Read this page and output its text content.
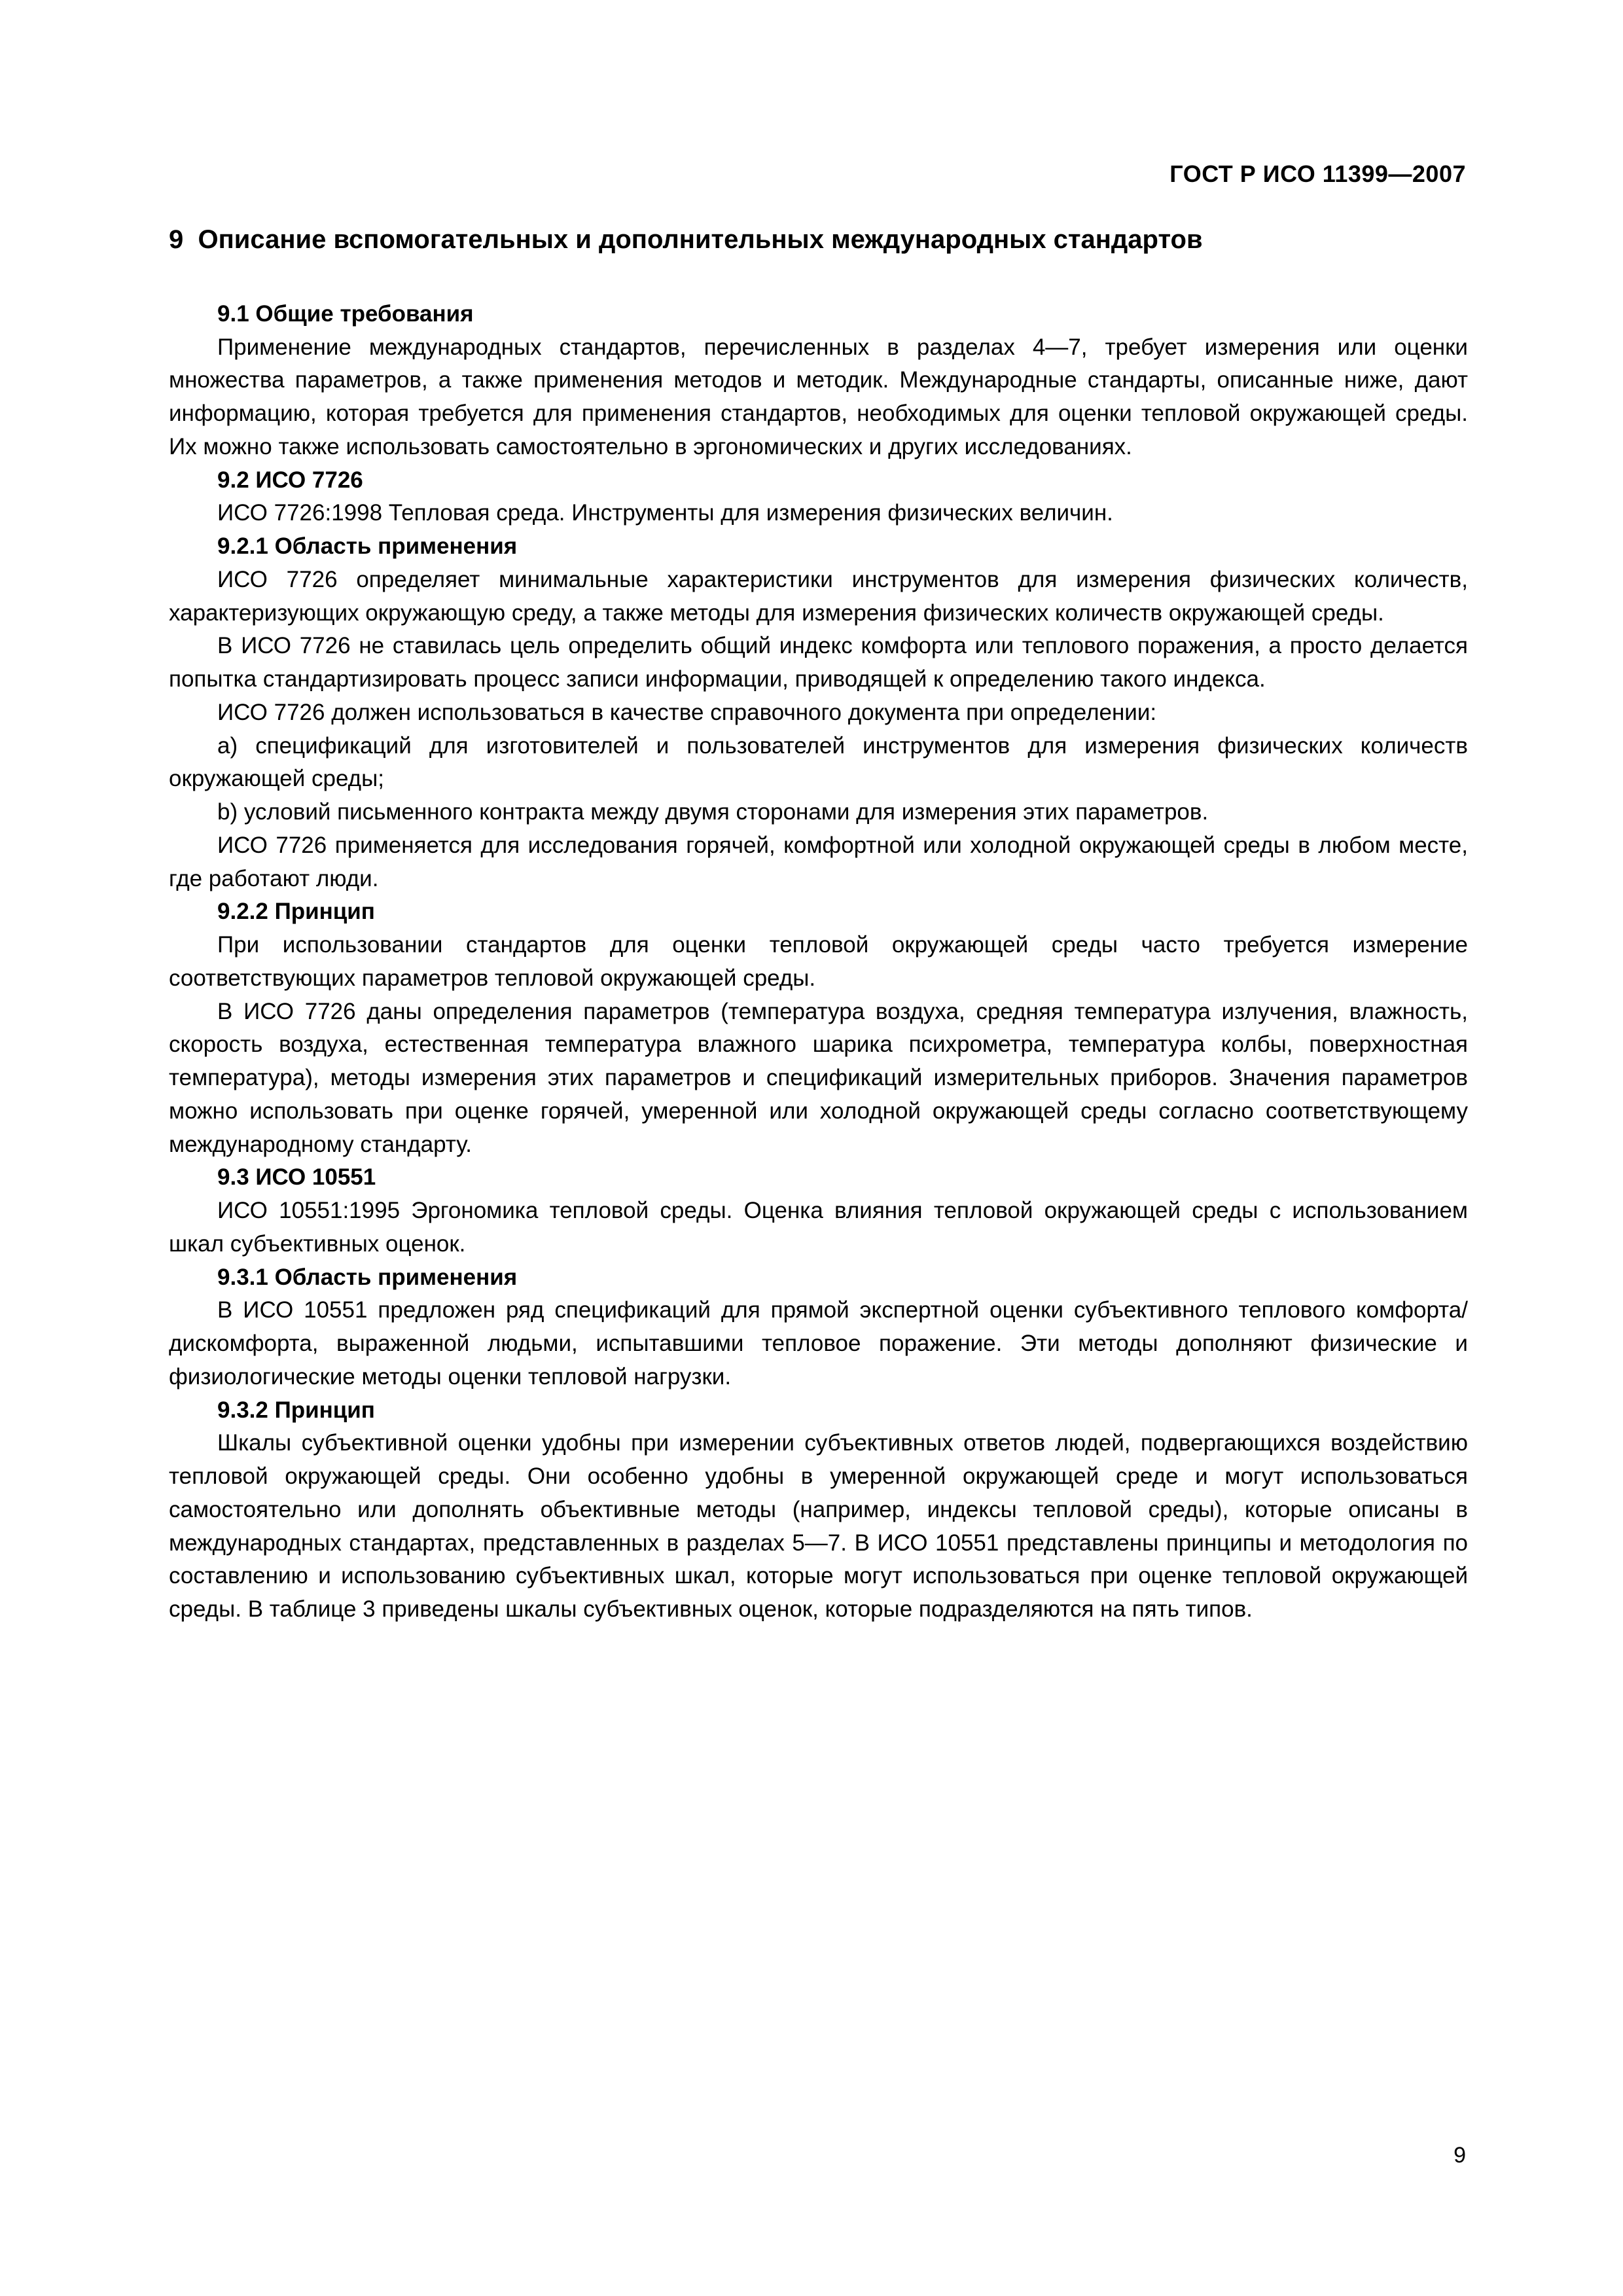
ГОСТ Р ИСО 11399—2007
9 Описание вспомогательных и дополнительных международных стандартов
9.1 Общие требования

Применение международных стандартов, перечисленных в разделах 4—7, требует измерения или оценки множества параметров, а также применения методов и методик. Международные стандарты, описанные ниже, дают информацию, которая требуется для применения стандартов, необходимых для оценки тепловой окружающей среды. Их можно также использовать самостоятельно в эргономических и других исследованиях.

9.2 ИСО 7726

ИСО 7726:1998 Тепловая среда. Инструменты для измерения физических величин.

9.2.1 Область применения

ИСО 7726 определяет минимальные характеристики инструментов для измерения физических количеств, характеризующих окружающую среду, а также методы для измерения физических количеств окружающей среды.

В ИСО 7726 не ставилась цель определить общий индекс комфорта или теплового поражения, а просто делается попытка стандартизировать процесс записи информации, приводящей к определению такого индекса.

ИСО 7726 должен использоваться в качестве справочного документа при определении:

a) спецификаций для изготовителей и пользователей инструментов для измерения физических количеств окружающей среды;

b) условий письменного контракта между двумя сторонами для измерения этих параметров.

ИСО 7726 применяется для исследования горячей, комфортной или холодной окружающей среды в любом месте, где работают люди.

9.2.2 Принцип

При использовании стандартов для оценки тепловой окружающей среды часто требуется измерение соответствующих параметров тепловой окружающей среды.

В ИСО 7726 даны определения параметров (температура воздуха, средняя температура излучения, влажность, скорость воздуха, естественная температура влажного шарика психрометра, температура колбы, поверхностная температура), методы измерения этих параметров и спецификаций измерительных приборов. Значения параметров можно использовать при оценке горячей, умеренной или холодной окружающей среды согласно соответствующему международному стандарту.

9.3 ИСО 10551

ИСО 10551:1995 Эргономика тепловой среды. Оценка влияния тепловой окружающей среды с использованием шкал субъективных оценок.

9.3.1 Область применения

В ИСО 10551 предложен ряд спецификаций для прямой экспертной оценки субъективного теплового комфорта/дискомфорта, выраженной людьми, испытавшими тепловое поражение. Эти методы дополняют физические и физиологические методы оценки тепловой нагрузки.

9.3.2 Принцип

Шкалы субъективной оценки удобны при измерении субъективных ответов людей, подвергающихся воздействию тепловой окружающей среды. Они особенно удобны в умеренной окружающей среде и могут использоваться самостоятельно или дополнять объективные методы (например, индексы тепловой среды), которые описаны в международных стандартах, представленных в разделах 5—7. В ИСО 10551 представлены принципы и методология по составлению и использованию субъективных шкал, которые могут использоваться при оценке тепловой окружающей среды. В таблице 3 приведены шкалы субъективных оценок, которые подразделяются на пять типов.

9
